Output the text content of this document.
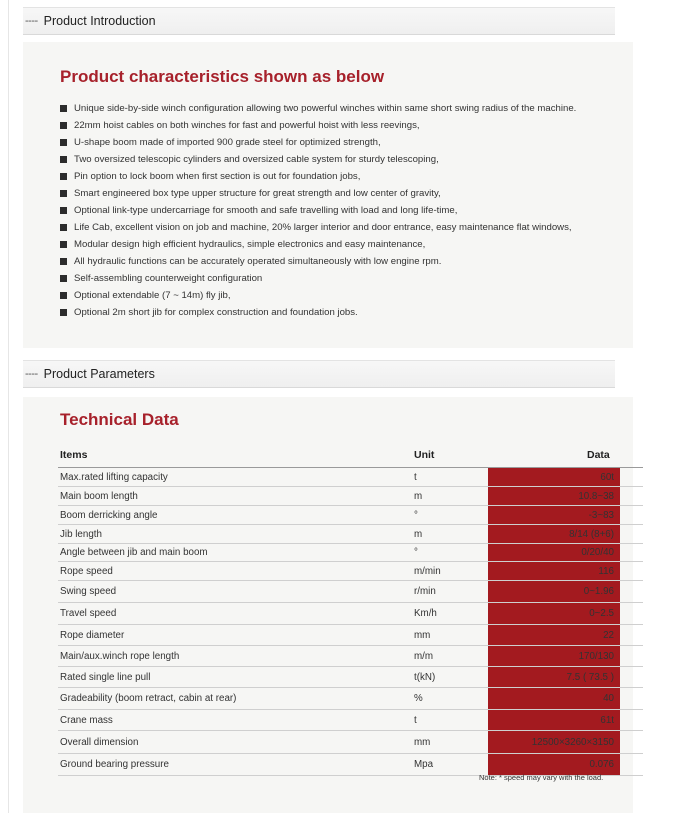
---- Product Introduction
Product characteristics shown as below
Unique side-by-side winch configuration allowing two powerful winches within same short swing radius of the machine.
22mm hoist cables on both winches for fast and powerful hoist with less reevings,
U-shape boom made of imported 900 grade steel for optimized strength,
Two oversized telescopic cylinders and oversized cable system for sturdy telescoping,
Pin option to lock boom when first section is out for foundation jobs,
Smart engineered box type upper structure for great strength and low center of gravity,
Optional link-type undercarriage for smooth and safe travelling with load and long life-time,
Life Cab, excellent vision on job and machine, 20% larger interior and door entrance, easy maintenance flat windows,
Modular design high efficient hydraulics, simple electronics and easy maintenance,
All hydraulic functions can be accurately operated simultaneously with low engine rpm.
Self-assembling counterweight configuration
Optional extendable (7 ~ 14m) fly jib,
Optional 2m short jib for complex construction and foundation jobs.
---- Product Parameters
Technical Data
Items	Unit	Data
Max.rated lifting capacity	t	60t
Main boom length	m	10.8~38
Boom derricking angle	°	-3~83
Jib length	m	8/14 (8+6)
Angle between jib and main boom	°	0/20/40
Rope speed	m/min	116
Swing speed	r/min	0~1.96
Travel speed	Km/h	0~2.5
Rope diameter	mm	22
Main/aux.winch rope length	m/m	170/130
Rated single line pull	t(kN)	7.5 ( 73.5 )
Gradeability (boom retract, cabin at rear)	%	40
Crane mass	t	61t
Overall dimension	mm	12500×3260×3150
Ground bearing pressure	Mpa	0.076
Note: * speed may vary with the load.
